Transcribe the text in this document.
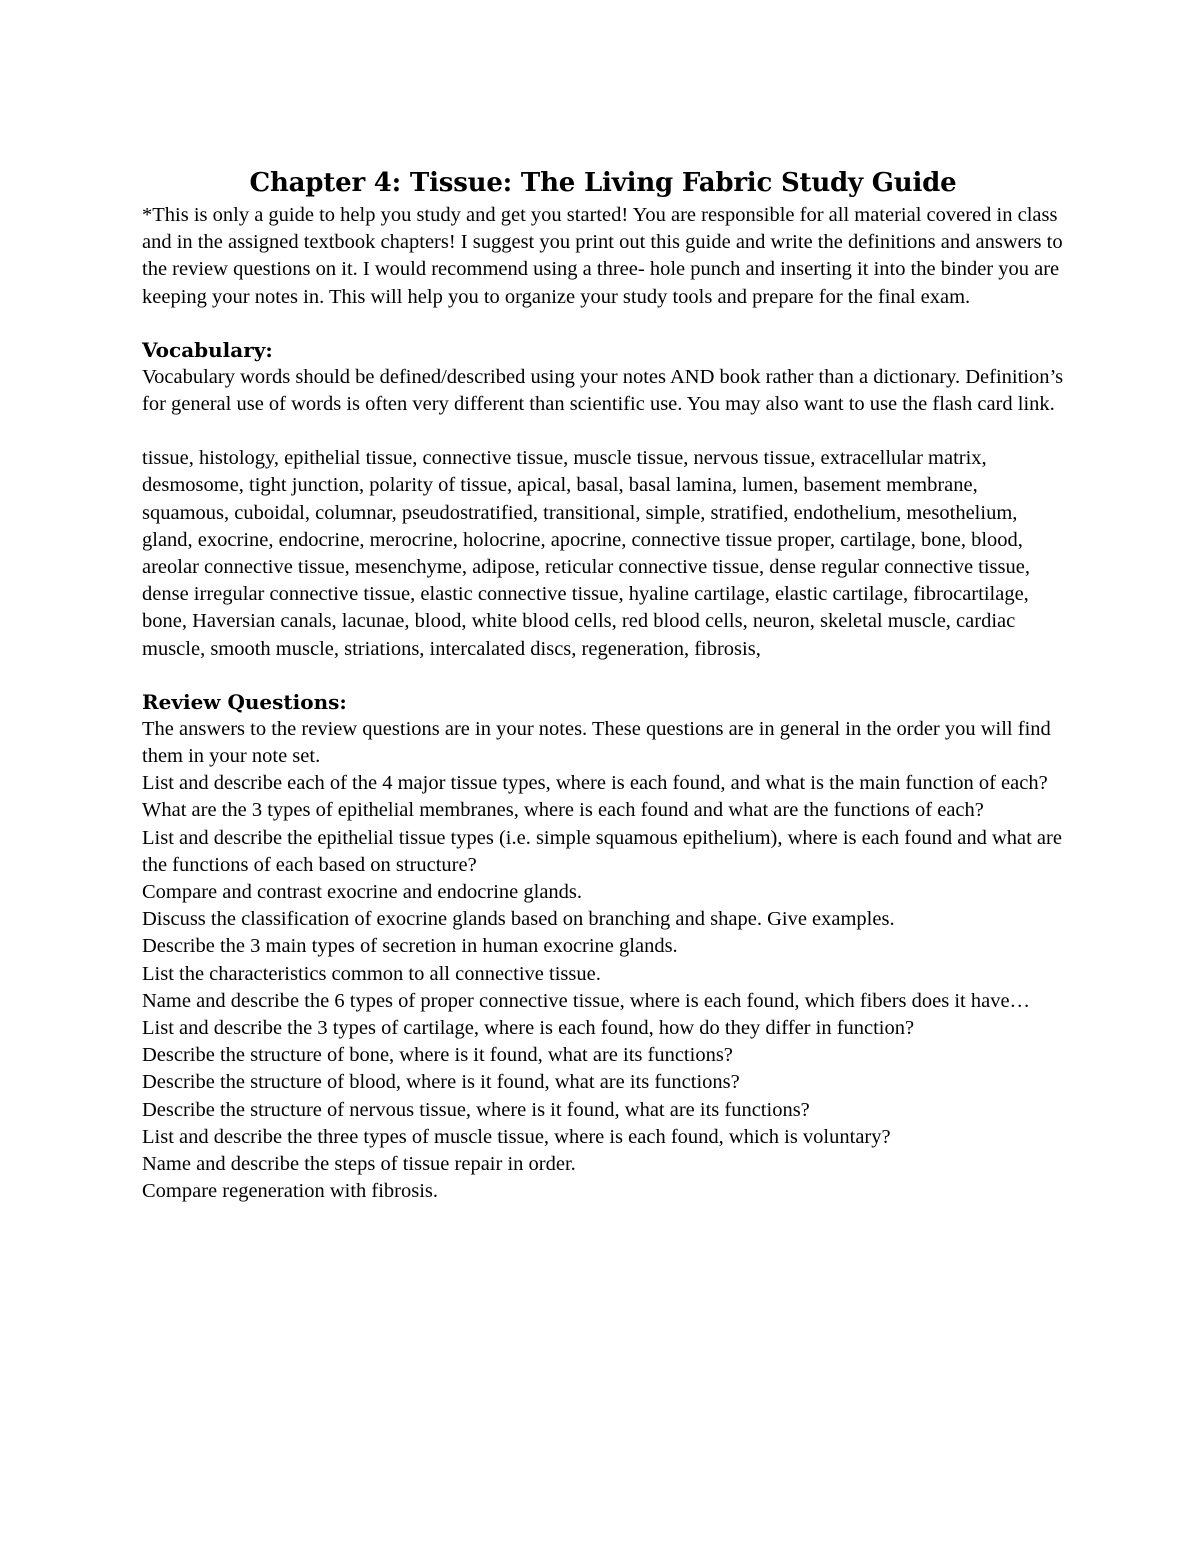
Chapter 4: Tissue: The Living Fabric Study Guide

*This is only a guide to help you study and get you started! You are responsible for all material covered in class and in the assigned textbook chapters! I suggest you print out this guide and write the definitions and answers to the review questions on it. I would recommend using a three- hole punch and inserting it into the binder you are keeping your notes in. This will help you to organize your study tools and prepare for the final exam.

Vocabulary:

Vocabulary words should be defined/described using your notes AND book rather than a dictionary. Definition’s for general use of words is often very different than scientific use. You may also want to use the flash card link.

tissue, histology, epithelial tissue, connective tissue, muscle tissue, nervous tissue, extracellular matrix, desmosome, tight junction, polarity of tissue, apical, basal, basal lamina, lumen, basement membrane, squamous, cuboidal, columnar, pseudostratified, transitional, simple, stratified, endothelium, mesothelium, gland, exocrine, endocrine, merocrine, holocrine, apocrine, connective tissue proper, cartilage, bone, blood, areolar connective tissue, mesenchyme, adipose, reticular connective tissue, dense regular connective tissue, dense irregular connective tissue, elastic connective tissue, hyaline cartilage, elastic cartilage, fibrocartilage, bone, Haversian canals, lacunae, blood, white blood cells, red blood cells, neuron, skeletal muscle, cardiac muscle, smooth muscle, striations, intercalated discs, regeneration, fibrosis,

Review Questions:

The answers to the review questions are in your notes. These questions are in general in the order you will find them in your note set.

List and describe each of the 4 major tissue types, where is each found, and what is the main function of each?
What are the 3 types of epithelial membranes, where is each found and what are the functions of each?
List and describe the epithelial tissue types (i.e. simple squamous epithelium), where is each found and what are the functions of each based on structure?
Compare and contrast exocrine and endocrine glands.
Discuss the classification of exocrine glands based on branching and shape. Give examples.
Describe the 3 main types of secretion in human exocrine glands.
List the characteristics common to all connective tissue.
Name and describe the 6 types of proper connective tissue, where is each found, which fibers does it have…
List and describe the 3 types of cartilage, where is each found, how do they differ in function?
Describe the structure of bone, where is it found, what are its functions?
Describe the structure of blood, where is it found, what are its functions?
Describe the structure of nervous tissue, where is it found, what are its functions?
List and describe the three types of muscle tissue, where is each found, which is voluntary?
Name and describe the steps of tissue repair in order.
Compare regeneration with fibrosis.
